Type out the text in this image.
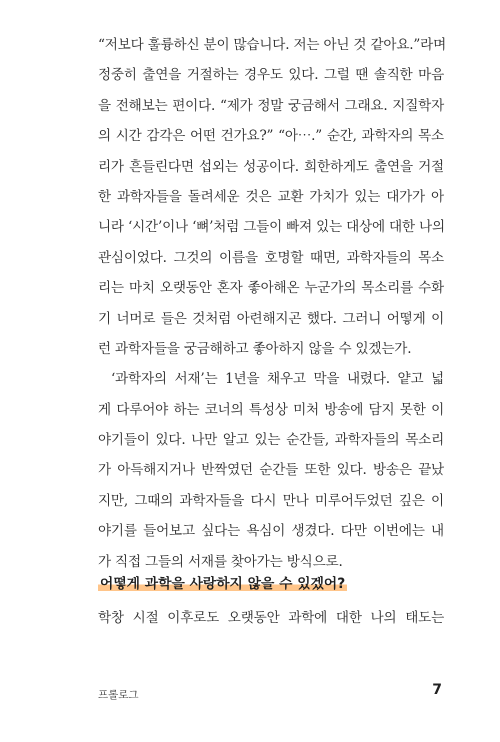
“저보다 훌륭하신 분이 많습니다. 저는 아닌 것 같아요.”라며
정중히 출연을 거절하는 경우도 있다. 그럴 땐 솔직한 마음
을 전해보는 편이다. “제가 정말 궁금해서 그래요. 지질학자
의 시간 감각은 어떤 건가요?” “아⋯.” 순간, 과학자의 목소
리가 흔들린다면 섭외는 성공이다. 희한하게도 출연을 거절
한 과학자들을 돌려세운 것은 교환 가치가 있는 대가가 아
니라 ‘시간’이나 ‘뼈’처럼 그들이 빠져 있는 대상에 대한 나의
관심이었다. 그것의 이름을 호명할 때면, 과학자들의 목소
리는 마치 오랫동안 혼자 좋아해온 누군가의 목소리를 수화
기 너머로 들은 것처럼 아련해지곤 했다. 그러니 어떻게 이
런 과학자들을 궁금해하고 좋아하지 않을 수 있겠는가.
‘과학자의 서재’는 1년을 채우고 막을 내렸다. 얕고 넓
게 다루어야 하는 코너의 특성상 미처 방송에 담지 못한 이
야기들이 있다. 나만 알고 있는 순간들, 과학자들의 목소리
가 아득해지거나 반짝였던 순간들 또한 있다. 방송은 끝났
지만, 그때의 과학자들을 다시 만나 미루어두었던 깊은 이
야기를 들어보고 싶다는 욕심이 생겼다. 다만 이번에는 내
가 직접 그들의 서재를 찾아가는 방식으로.
어떻게 과학을 사랑하지 않을 수 있겠어?
학창 시절 이후로도 오랫동안 과학에 대한 나의 태도는
프롤로그	7
